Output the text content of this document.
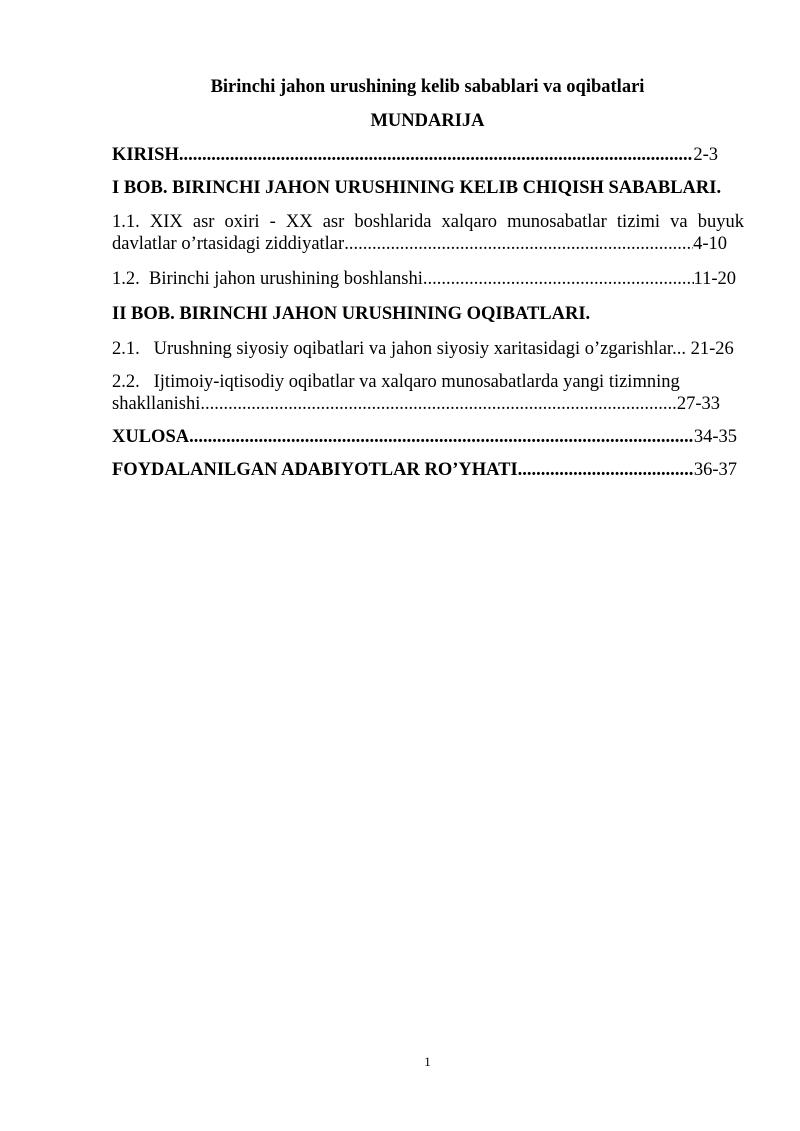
Birinchi jahon urushining kelib sabablari va oqibatlari
MUNDARIJA
KIRISH .....	2-3
I BOB. BIRINCHI JAHON URUSHINING KELIB CHIQISH SABABLARI.
1.1. XIX asr oxiri - XX asr boshlarida xalqaro munosabatlar tizimi va buyuk
davlatlar o’rtasidagi ziddiyatlar .....	4-10
1.2. Birinchi jahon urushining boshlanshi .....	11-20
II BOB. BIRINCHI JAHON URUSHINING OQIBATLARI.
2.1. Urushning siyosiy oqibatlari va jahon siyosiy xaritasidagi o’zgarishlar... 21-26
2.2. Ijtimoiy-iqtisodiy oqibatlar va xalqaro munosabatlarda yangi tizimning
shakllanishi .....	27-33
XULOSA .....	34-35
FOYDALANILGAN ADABIYOTLAR RO’YHATI .....	36-37
1
